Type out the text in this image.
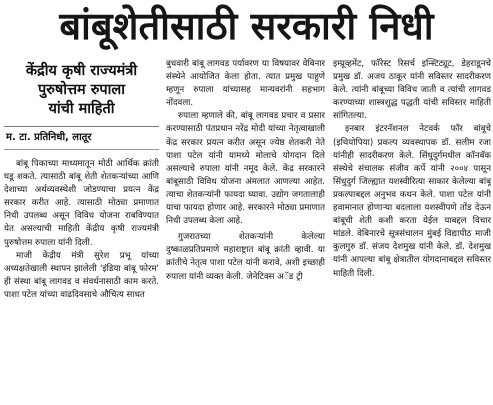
बांबूशेतीसाठी सरकारी निधी
केंद्रीय कृषी राज्यमंत्री
पुरुषोत्तम रुपाला
यांची माहिती
म. टा. प्रतिनिधी, लातूर

बांबू पिकाच्या माध्यमातून मोठी आर्थिक क्रांती घडू शकते. त्यासाठी बांबू शेती शेतकऱ्यांच्या आणि देशाच्या अर्थव्यवस्थेशी जोडण्याचा प्रयत्न केंद्र सरकार करीत आहे. त्यासाठी मोठ्या प्रमाणात निधी उपलब्ध असून विविध योजना राबविण्यात येत असल्याची माहिती केंद्रीय कृषी राज्यमंत्री पुरुषोत्तम रुपाला यांनी दिली.

माजी केंद्रीय मंत्री सुरेश प्रभू यांच्या अध्यक्षतेखाली स्थापन झालेली 'इंडिया बांबू फोरम' ही संस्था बांबू लागवड व संवर्धनासाठी काम करते. पाशा पटेल यांच्या वाढदिवसाचे औचित्य साधत

बुधवारी बांबू लागवड पर्यावरण या विषयावर वेबिनार संस्थेने आयोजित केला होता. त्यात प्रमुख पाहुणे म्हणून रुपाला यांच्यासह मान्यवरांनी सहभाग नोंदवला.

रुपाला म्हणाले की, बांबू लागवड प्रचार व प्रसार करण्यासाठी पंतप्रधान नरेंद्र मोदी यांच्या नेतृत्वाखाली केंद्र सरकार प्रयत्न करीत असून ज्येष्ठ शेतकरी नेते पाशा पटेल यांनी यामध्ये मोलाचे योगदान दिले असल्याचे रुपाला यांनी नमूद केले. केंद्र सरकारने बांबूसाठी विविध योजना अंमलात आणल्या आहेत. त्याचा शेतकऱ्यांनी फायदा घ्यावा. उद्योग जगतालाही याचा फायदा होणार आहे. सरकारने मोठ्या प्रमाणात निधी उपलब्ध केला आहे.

गुजरातच्या शेतकऱ्यांनी केलेल्या दुष्काळप्रतिप्रमाणे महाराष्ट्रात बांबू क्रांती व्हावी. या क्रांतीचे नेतृत्व पाशा पटेल यांनी करावे, अशी इच्छाही रुपाला यांनी व्यक्त केली. जेनेटिक्स अॅड ट्री

इम्प्रूव्हमेंट, फॉरेस्ट रिसर्च इन्स्टिट्यूट, डेहराडूनचे प्रमुख डॉ. अजय ठाकूर यांनी सविस्तर सादरीकरण केले. त्यांनी बांबूच्या विविध जाती व त्यांची लागवड करण्याच्या शास्त्रशुद्ध पद्धती यांची सविस्तर माहिती सांगितल्या.

इनबार इंटरनॅशनल नेटवर्क फॉर बांबूचे (इथियोपिया) प्रकल्प व्यवस्थापक डॉ. सलीम रजा यांनीही सादरीकरण केले. सिंधुदुर्गमधील कॉनबॅक संस्थेचे संचालक संजीव कर्पे यांनी २००४ पासून सिंधुदुर्ग जिल्ह्यात यशस्वीरित्या साकार केलेल्या बांबू प्रकल्पाबद्दल अनुभव कथन केले. पाशा पटेल यांनी हवामानात होणाऱ्या बदलाला यशस्वीपणे तोंड देऊन बांबूची शेती कशी करता येईल याबद्दल विचार मांडले. वेबिनारचे सूत्रसंचालन मुंबई विद्यापीठ माजी कुलगुरु डॉ. संजय देशमुख यांनी केले. डॉ. देशमुख यांनी आपल्या बांबू क्षेत्रातील योगदानाबद्दल सविस्तर माहिती दिली.
